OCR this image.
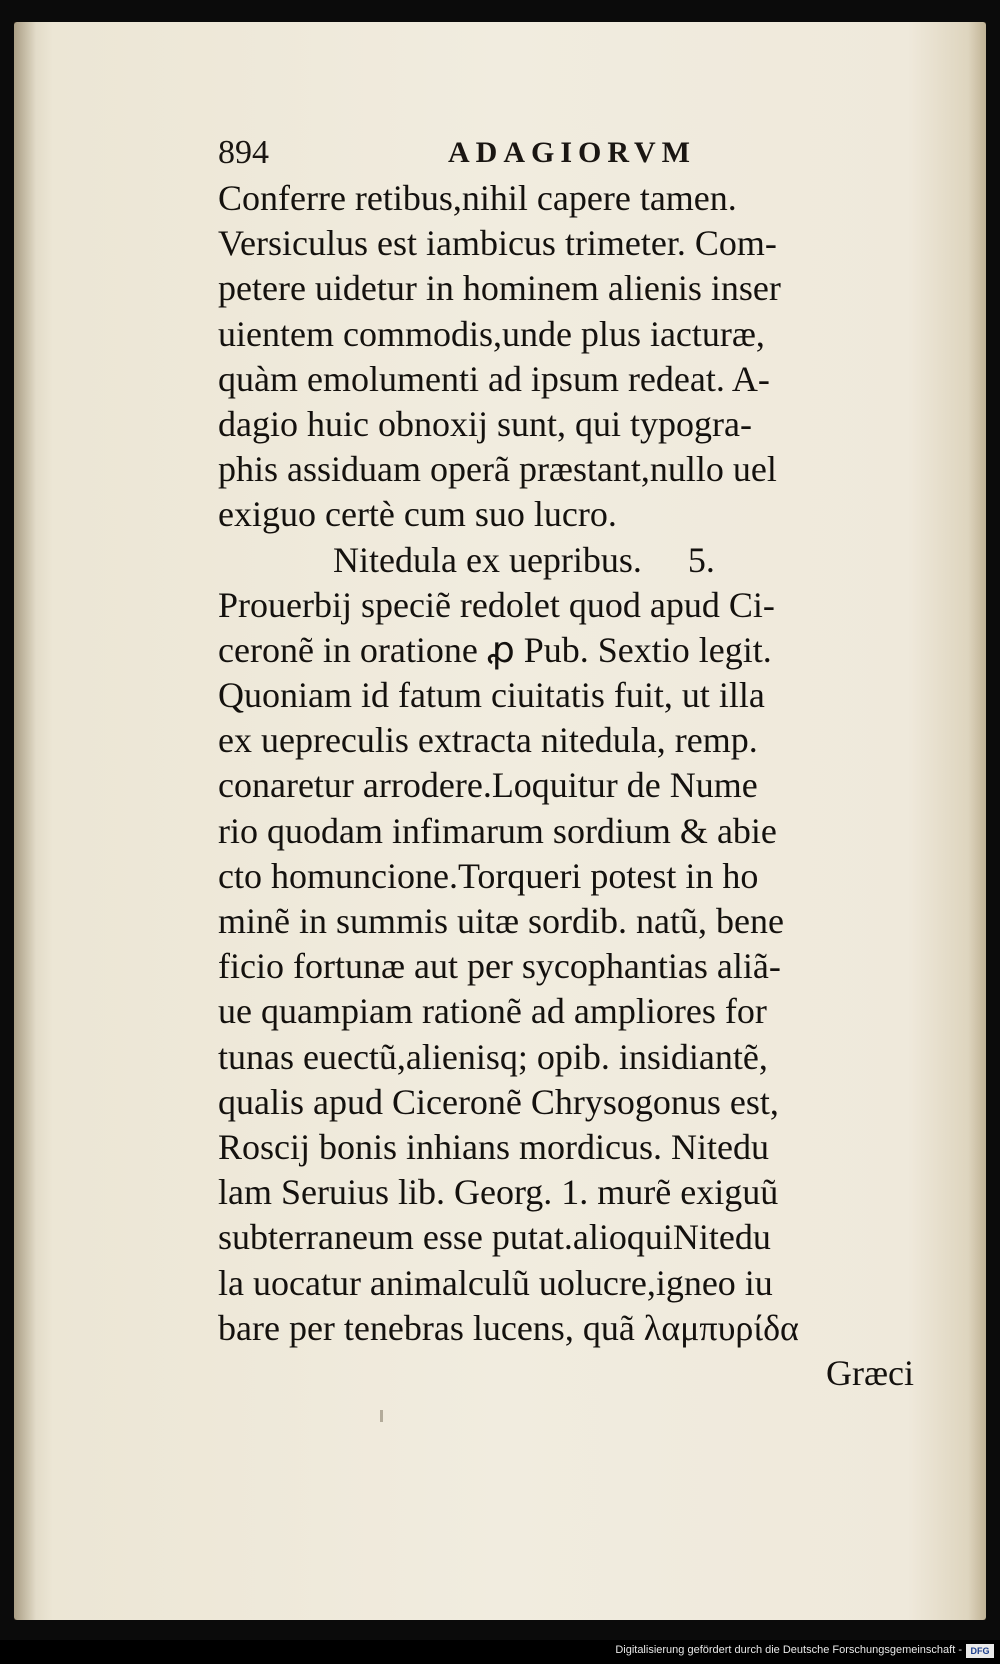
894	ADAGIORVM
Conferre retibus,nihil capere tamen.
Versiculus est iambicus trimeter. Com-
petere uidetur in hominem alienis inser
uientem commodis,unde plus iacturæ,
quàm emolumenti ad ipsum redeat. A-
dagio huic obnoxij sunt, qui typogra-
phis assiduam operã præstant,nullo uel
exiguo certè cum suo lucro.
Nitedula ex uepribus. 5.
Prouerbij speciẽ redolet quod apud Ci-
ceronẽ in oratione ꝓ Pub. Sextio legit.
Quoniam id fatum ciuitatis fuit, ut illa
ex uepreculis extracta nitedula, remp.
conaretur arrodere.Loquitur de Nume
rio quodam infimarum sordium & abie
cto homuncione.Torqueri potest in ho
minẽ in summis uitæ sordib. natũ, bene
ficio fortunæ aut per sycophantias aliã-
ue quampiam rationẽ ad ampliores for
tunas euectũ,alienisq; opib. insidiantẽ,
qualis apud Ciceronẽ Chrysogonus est,
Roscij bonis inhians mordicus. Nitedu
lam Seruius lib. Georg. 1. murẽ exiguũ
subterraneum esse putat.alioquiNitedu
la uocatur animalculũ uolucre,igneo iu
bare per tenebras lucens, quã λαμπυρίδα
Græci
Digitalisierung gefördert durch die Deutsche Forschungsgemeinschaft - DFG
